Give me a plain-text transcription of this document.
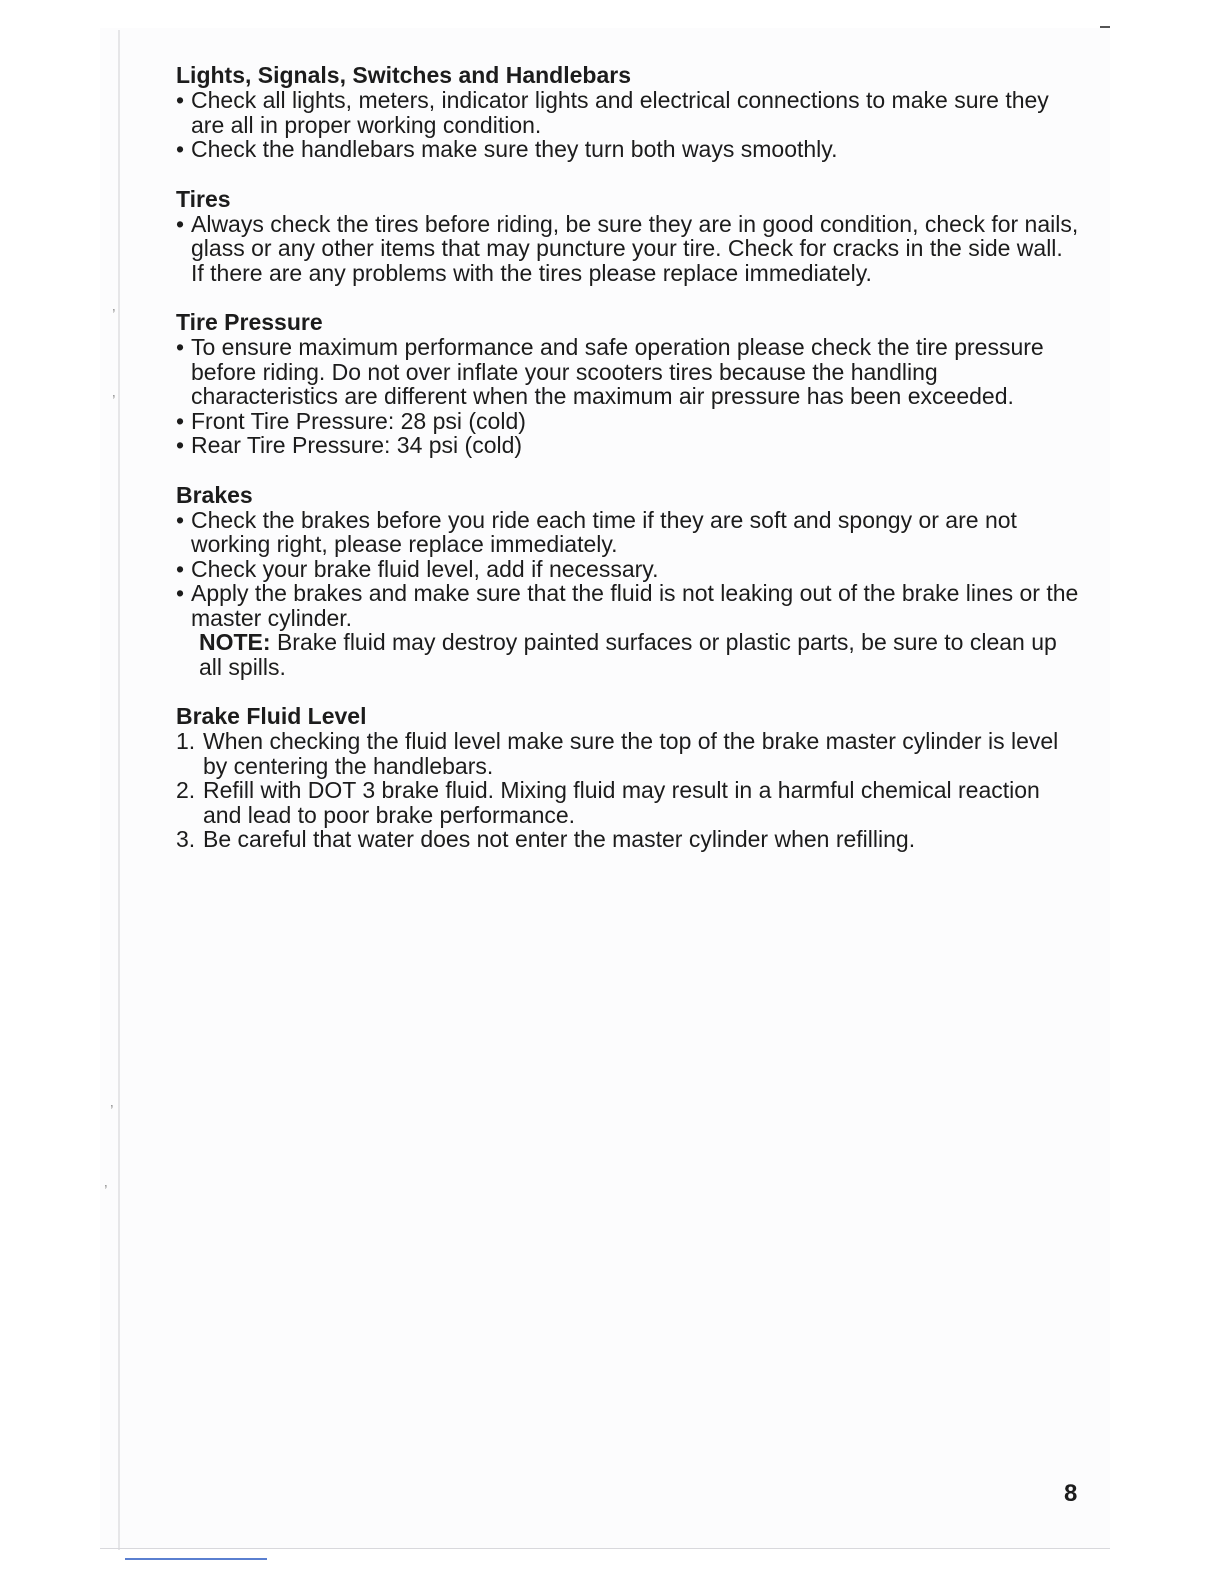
’
’
’
’

Lights, Signals, Switches and Handlebars

• Check all lights, meters, indicator lights and electrical connections to make sure they are all in proper working condition.

• Check the handlebars make sure they turn both ways smoothly.

Tires

• Always check the tires before riding, be sure they are in good condition, check for nails, glass or any other items that may puncture your tire. Check for cracks in the side wall. If there are any problems with the tires please replace immediately.

Tire Pressure

• To ensure maximum performance and safe operation please check the tire pressure before riding. Do not over inflate your scooters tires because the handling characteristics are different when the maximum air pressure has been exceeded.

• Front Tire Pressure: 28 psi (cold)

• Rear Tire Pressure: 34 psi (cold)

Brakes

• Check the brakes before you ride each time if they are soft and spongy or are not working right, please replace immediately.

• Check your brake fluid level, add if necessary.

• Apply the brakes and make sure that the fluid is not leaking out of the brake lines or the master cylinder.

NOTE: Brake fluid may destroy painted surfaces or plastic parts, be sure to clean up all spills.

Brake Fluid Level

1. When checking the fluid level make sure the top of the brake master cylinder is level by centering the handlebars.

2. Refill with DOT 3 brake fluid. Mixing fluid may result in a harmful chemical reaction and lead to poor brake performance.

3. Be careful that water does not enter the master cylinder when refilling.

8
